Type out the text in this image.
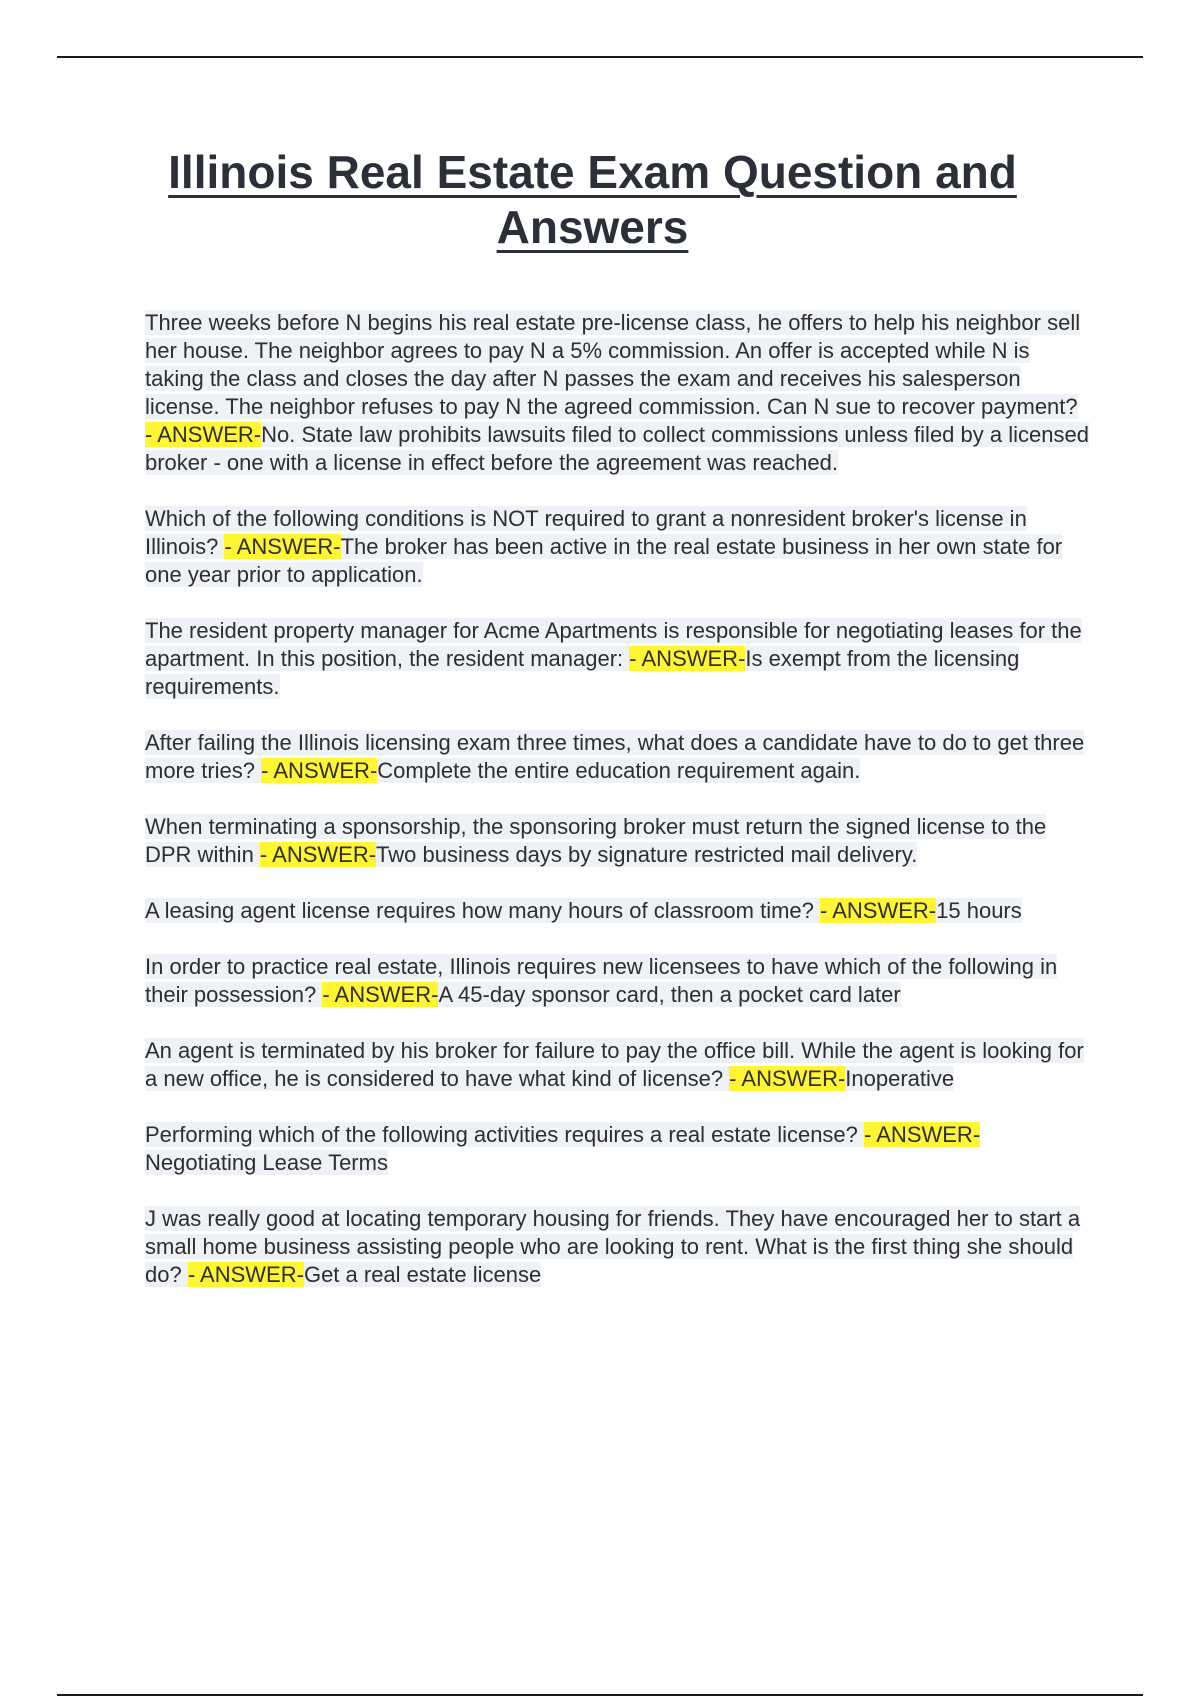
Illinois Real Estate Exam Question and Answers
Three weeks before N begins his real estate pre-license class, he offers to help his neighbor sell her house. The neighbor agrees to pay N a 5% commission. An offer is accepted while N is taking the class and closes the day after N passes the exam and receives his salesperson license. The neighbor refuses to pay N the agreed commission. Can N sue to recover payment? - ANSWER-No. State law prohibits lawsuits filed to collect commissions unless filed by a licensed broker - one with a license in effect before the agreement was reached.
Which of the following conditions is NOT required to grant a nonresident broker's license in Illinois? - ANSWER-The broker has been active in the real estate business in her own state for one year prior to application.
The resident property manager for Acme Apartments is responsible for negotiating leases for the apartment. In this position, the resident manager: - ANSWER-Is exempt from the licensing requirements.
After failing the Illinois licensing exam three times, what does a candidate have to do to get three more tries? - ANSWER-Complete the entire education requirement again.
When terminating a sponsorship, the sponsoring broker must return the signed license to the DPR within - ANSWER-Two business days by signature restricted mail delivery.
A leasing agent license requires how many hours of classroom time? - ANSWER-15 hours
In order to practice real estate, Illinois requires new licensees to have which of the following in their possession? - ANSWER-A 45-day sponsor card, then a pocket card later
An agent is terminated by his broker for failure to pay the office bill. While the agent is looking for a new office, he is considered to have what kind of license? - ANSWER-Inoperative
Performing which of the following activities requires a real estate license? - ANSWER-Negotiating Lease Terms
J was really good at locating temporary housing for friends. They have encouraged her to start a small home business assisting people who are looking to rent. What is the first thing she should do? - ANSWER-Get a real estate license
